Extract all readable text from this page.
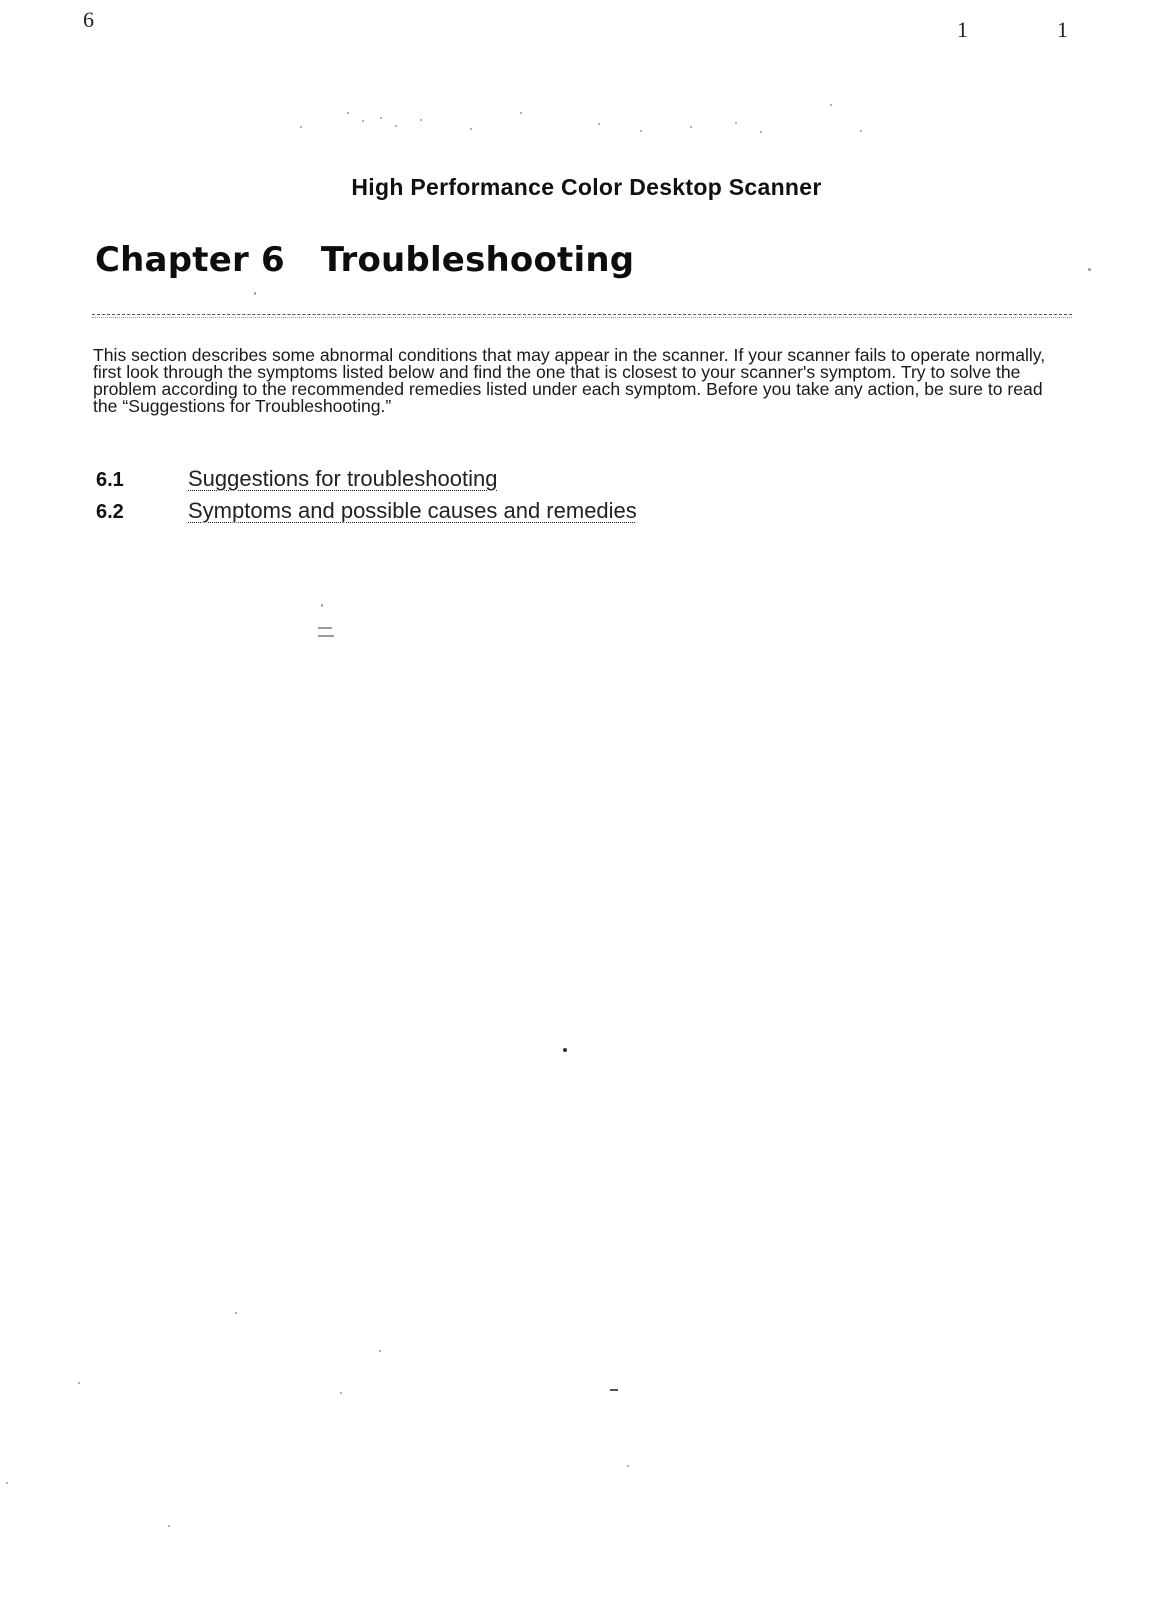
6	1	1
High Performance Color Desktop Scanner
Chapter 6 Troubleshooting
This section describes some abnormal conditions that may appear in the scanner. If your scanner fails to operate normally, first look through the symptoms listed below and find the one that is closest to your scanner's symptom. Try to solve the problem according to the recommended remedies listed under each symptom. Before you take any action, be sure to read the “Suggestions for Troubleshooting.”
6.1	Suggestions for troubleshooting
6.2	Symptoms and possible causes and remedies
